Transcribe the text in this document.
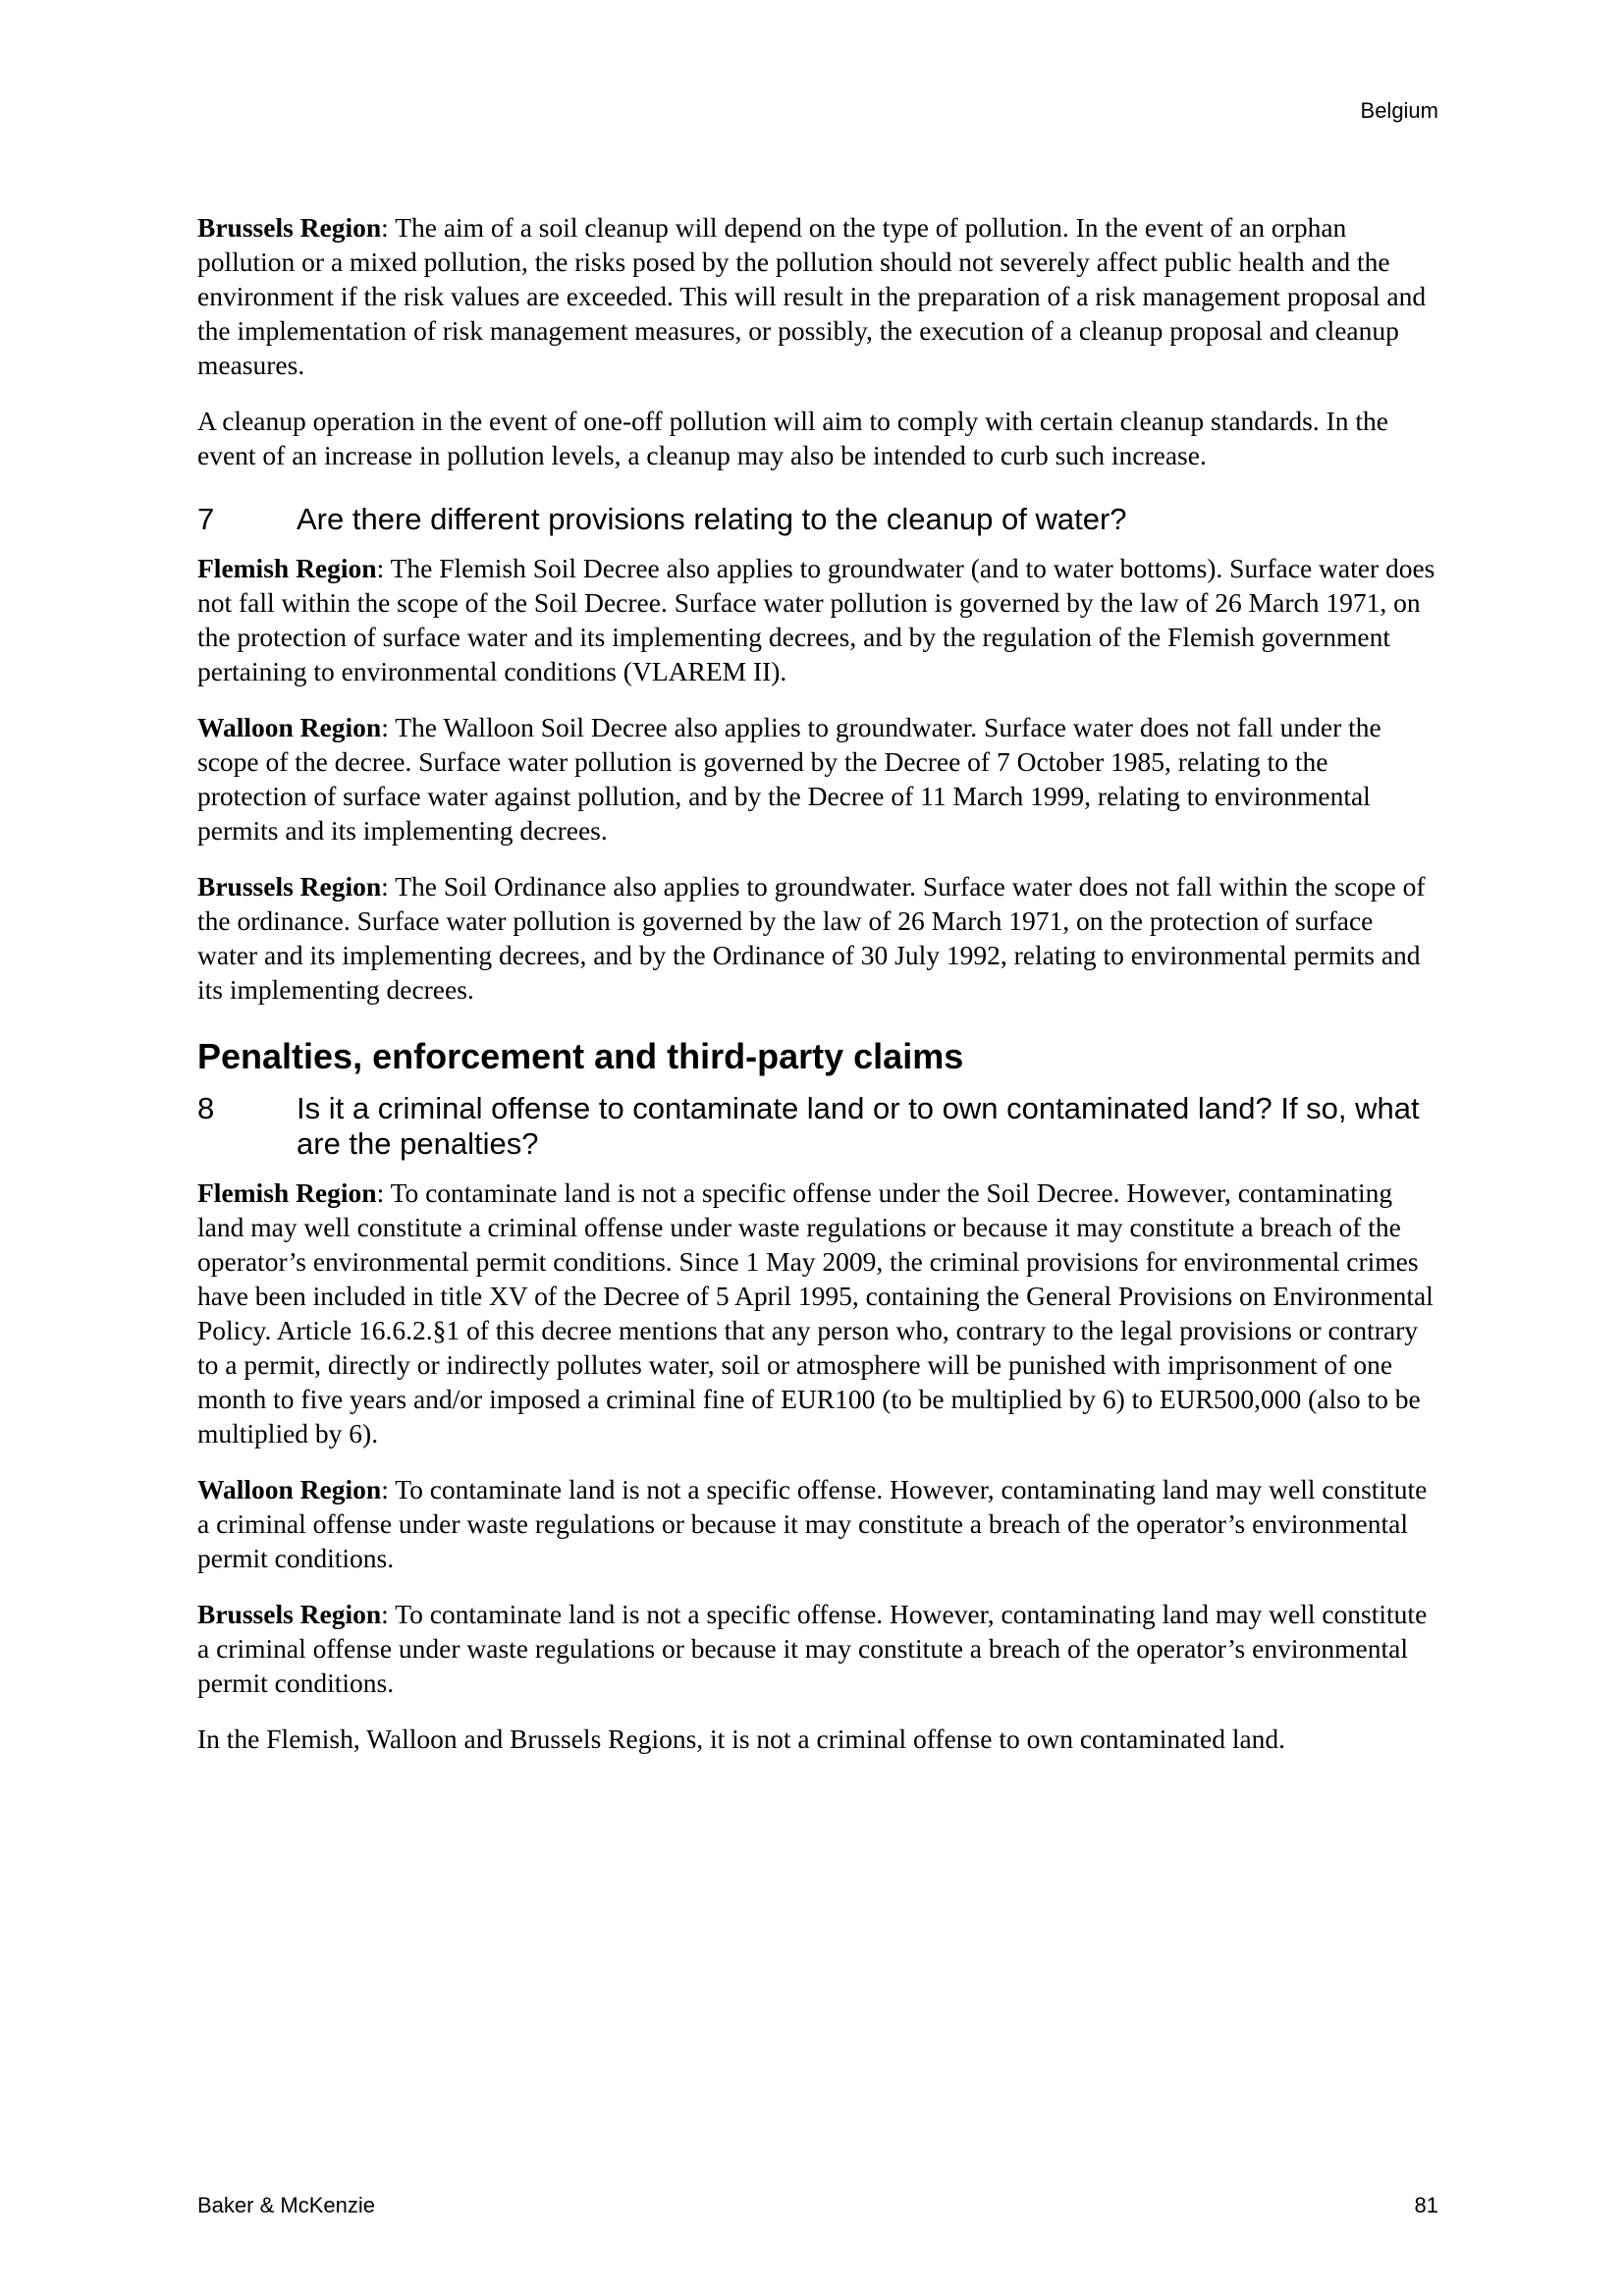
Belgium

Brussels Region: The aim of a soil cleanup will depend on the type of pollution. In the event of an orphan pollution or a mixed pollution, the risks posed by the pollution should not severely affect public health and the environment if the risk values are exceeded. This will result in the preparation of a risk management proposal and the implementation of risk management measures, or possibly, the execution of a cleanup proposal and cleanup measures.

A cleanup operation in the event of one-off pollution will aim to comply with certain cleanup standards. In the event of an increase in pollution levels, a cleanup may also be intended to curb such increase.

7	Are there different provisions relating to the cleanup of water?

Flemish Region: The Flemish Soil Decree also applies to groundwater (and to water bottoms). Surface water does not fall within the scope of the Soil Decree. Surface water pollution is governed by the law of 26 March 1971, on the protection of surface water and its implementing decrees, and by the regulation of the Flemish government pertaining to environmental conditions (VLAREM II).

Walloon Region: The Walloon Soil Decree also applies to groundwater. Surface water does not fall under the scope of the decree. Surface water pollution is governed by the Decree of 7 October 1985, relating to the protection of surface water against pollution, and by the Decree of 11 March 1999, relating to environmental permits and its implementing decrees.

Brussels Region: The Soil Ordinance also applies to groundwater. Surface water does not fall within the scope of the ordinance. Surface water pollution is governed by the law of 26 March 1971, on the protection of surface water and its implementing decrees, and by the Ordinance of 30 July 1992, relating to environmental permits and its implementing decrees.

Penalties, enforcement and third-party claims
8	Is it a criminal offense to contaminate land or to own contaminated land? If so, what are the penalties?

Flemish Region: To contaminate land is not a specific offense under the Soil Decree. However, contaminating land may well constitute a criminal offense under waste regulations or because it may constitute a breach of the operator’s environmental permit conditions. Since 1 May 2009, the criminal provisions for environmental crimes have been included in title XV of the Decree of 5 April 1995, containing the General Provisions on Environmental Policy. Article 16.6.2.§1 of this decree mentions that any person who, contrary to the legal provisions or contrary to a permit, directly or indirectly pollutes water, soil or atmosphere will be punished with imprisonment of one month to five years and/or imposed a criminal fine of EUR100 (to be multiplied by 6) to EUR500,000 (also to be multiplied by 6).

Walloon Region: To contaminate land is not a specific offense. However, contaminating land may well constitute a criminal offense under waste regulations or because it may constitute a breach of the operator’s environmental permit conditions.

Brussels Region: To contaminate land is not a specific offense. However, contaminating land may well constitute a criminal offense under waste regulations or because it may constitute a breach of the operator’s environmental permit conditions.

In the Flemish, Walloon and Brussels Regions, it is not a criminal offense to own contaminated land.

Baker & McKenzie	81
